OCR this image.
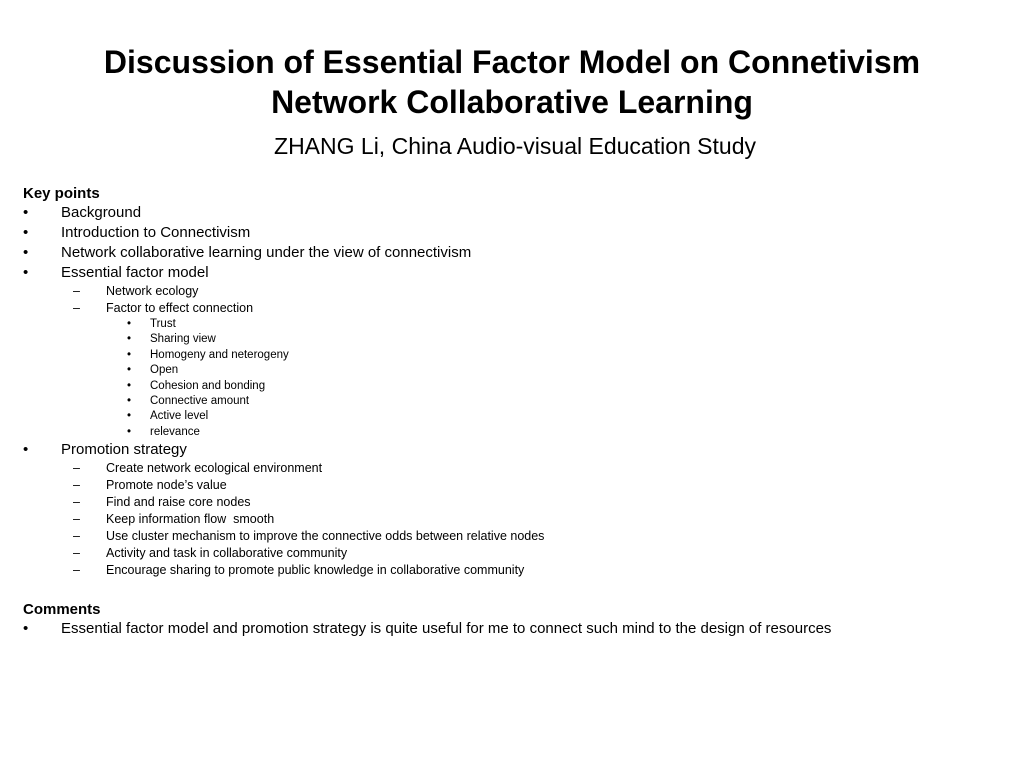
Discussion of Essential Factor Model on Connetivism
Network Collaborative Learning
ZHANG Li, China Audio-visual Education Study
Key points
• Background
• Introduction to Connectivism
• Network collaborative learning under the view of connectivism
• Essential factor model
– Network ecology
– Factor to effect connection
• Trust
• Sharing view
• Homogeny and neterogeny
• Open
• Cohesion and bonding
• Connective amount
• Active level
• relevance
• Promotion strategy
– Create network ecological environment
– Promote node’s value
– Find and raise core nodes
– Keep information flow  smooth
– Use cluster mechanism to improve the connective odds between relative nodes
– Activity and task in collaborative community
– Encourage sharing to promote public knowledge in collaborative community
Comments
• Essential factor model and promotion strategy is quite useful for me to connect such mind to the design of resources
